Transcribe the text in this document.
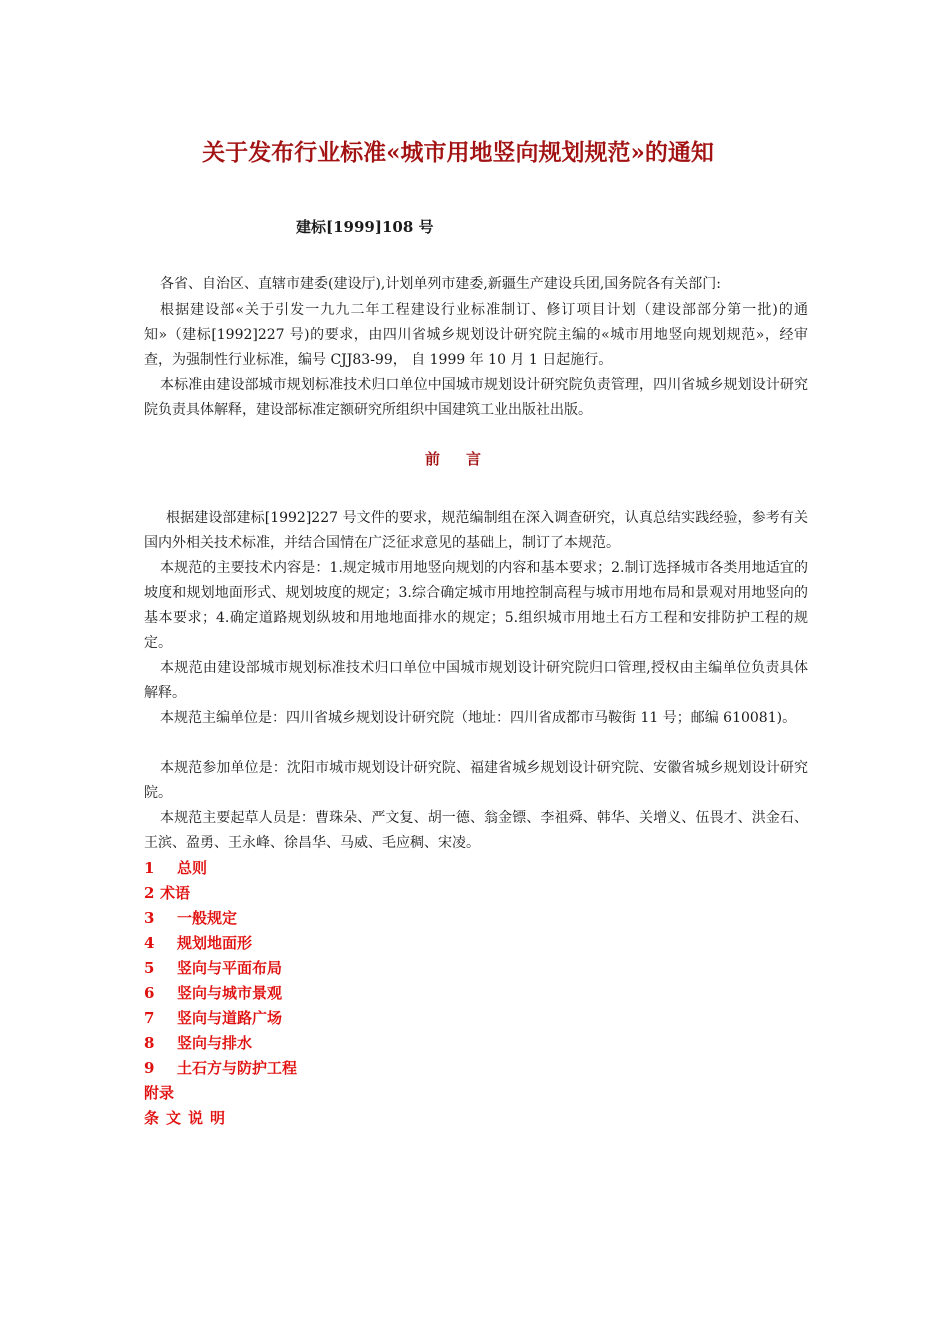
关于发布行业标准«城市用地竖向规划规范»的通知

建标[1999]108 号

各省、自治区、直辖市建委(建设厅),计划单列市建委,新疆生产建设兵团,国务院各有关部门:

根据建设部«关于引发一九九二年工程建设行业标准制订、修订项目计划（建设部部分第一批)的通知»（建标[1992]227 号)的要求，由四川省城乡规划设计研究院主编的«城市用地竖向规划规范»，经审查，为强制性行业标准，编号 CJJ83-99， 自 1999 年 10 月 1 日起施行。

本标准由建设部城市规划标准技术归口单位中国城市规划设计研究院负责管理，四川省城乡规划设计研究院负责具体解释，建设部标准定额研究所组织中国建筑工业出版社出版。

前 言

根据建设部建标[1992]227 号文件的要求，规范编制组在深入调查研究，认真总结实践经验，参考有关国内外相关技术标准，并结合国情在广泛征求意见的基础上，制订了本规范。

本规范的主要技术内容是：1.规定城市用地竖向规划的内容和基本要求；2.制订选择城市各类用地适宜的坡度和规划地面形式、规划坡度的规定；3.综合确定城市用地控制高程与城市用地布局和景观对用地竖向的基本要求；4.确定道路规划纵坡和用地地面排水的规定；5.组织城市用地土石方工程和安排防护工程的规定。

本规范由建设部城市规划标准技术归口单位中国城市规划设计研究院归口管理,授权由主编单位负责具体解释。

本规范主编单位是：四川省城乡规划设计研究院（地址：四川省成都市马鞍街 11 号；邮编 610081)。

本规范参加单位是：沈阳市城市规划设计研究院、福建省城乡规划设计研究院、安徽省城乡规划设计研究院。

本规范主要起草人员是：曹珠朵、严文复、胡一德、翁金镖、李祖舜、韩华、关增义、伍畏才、洪金石、王滨、盈勇、王永峰、徐昌华、马威、毛应稠、宋凌。

1 总则
2 术语
3 一般规定
4 规划地面形
5 竖向与平面布局
6 竖向与城市景观
7 竖向与道路广场
8 竖向与排水
9 土石方与防护工程
附录
条文说明
